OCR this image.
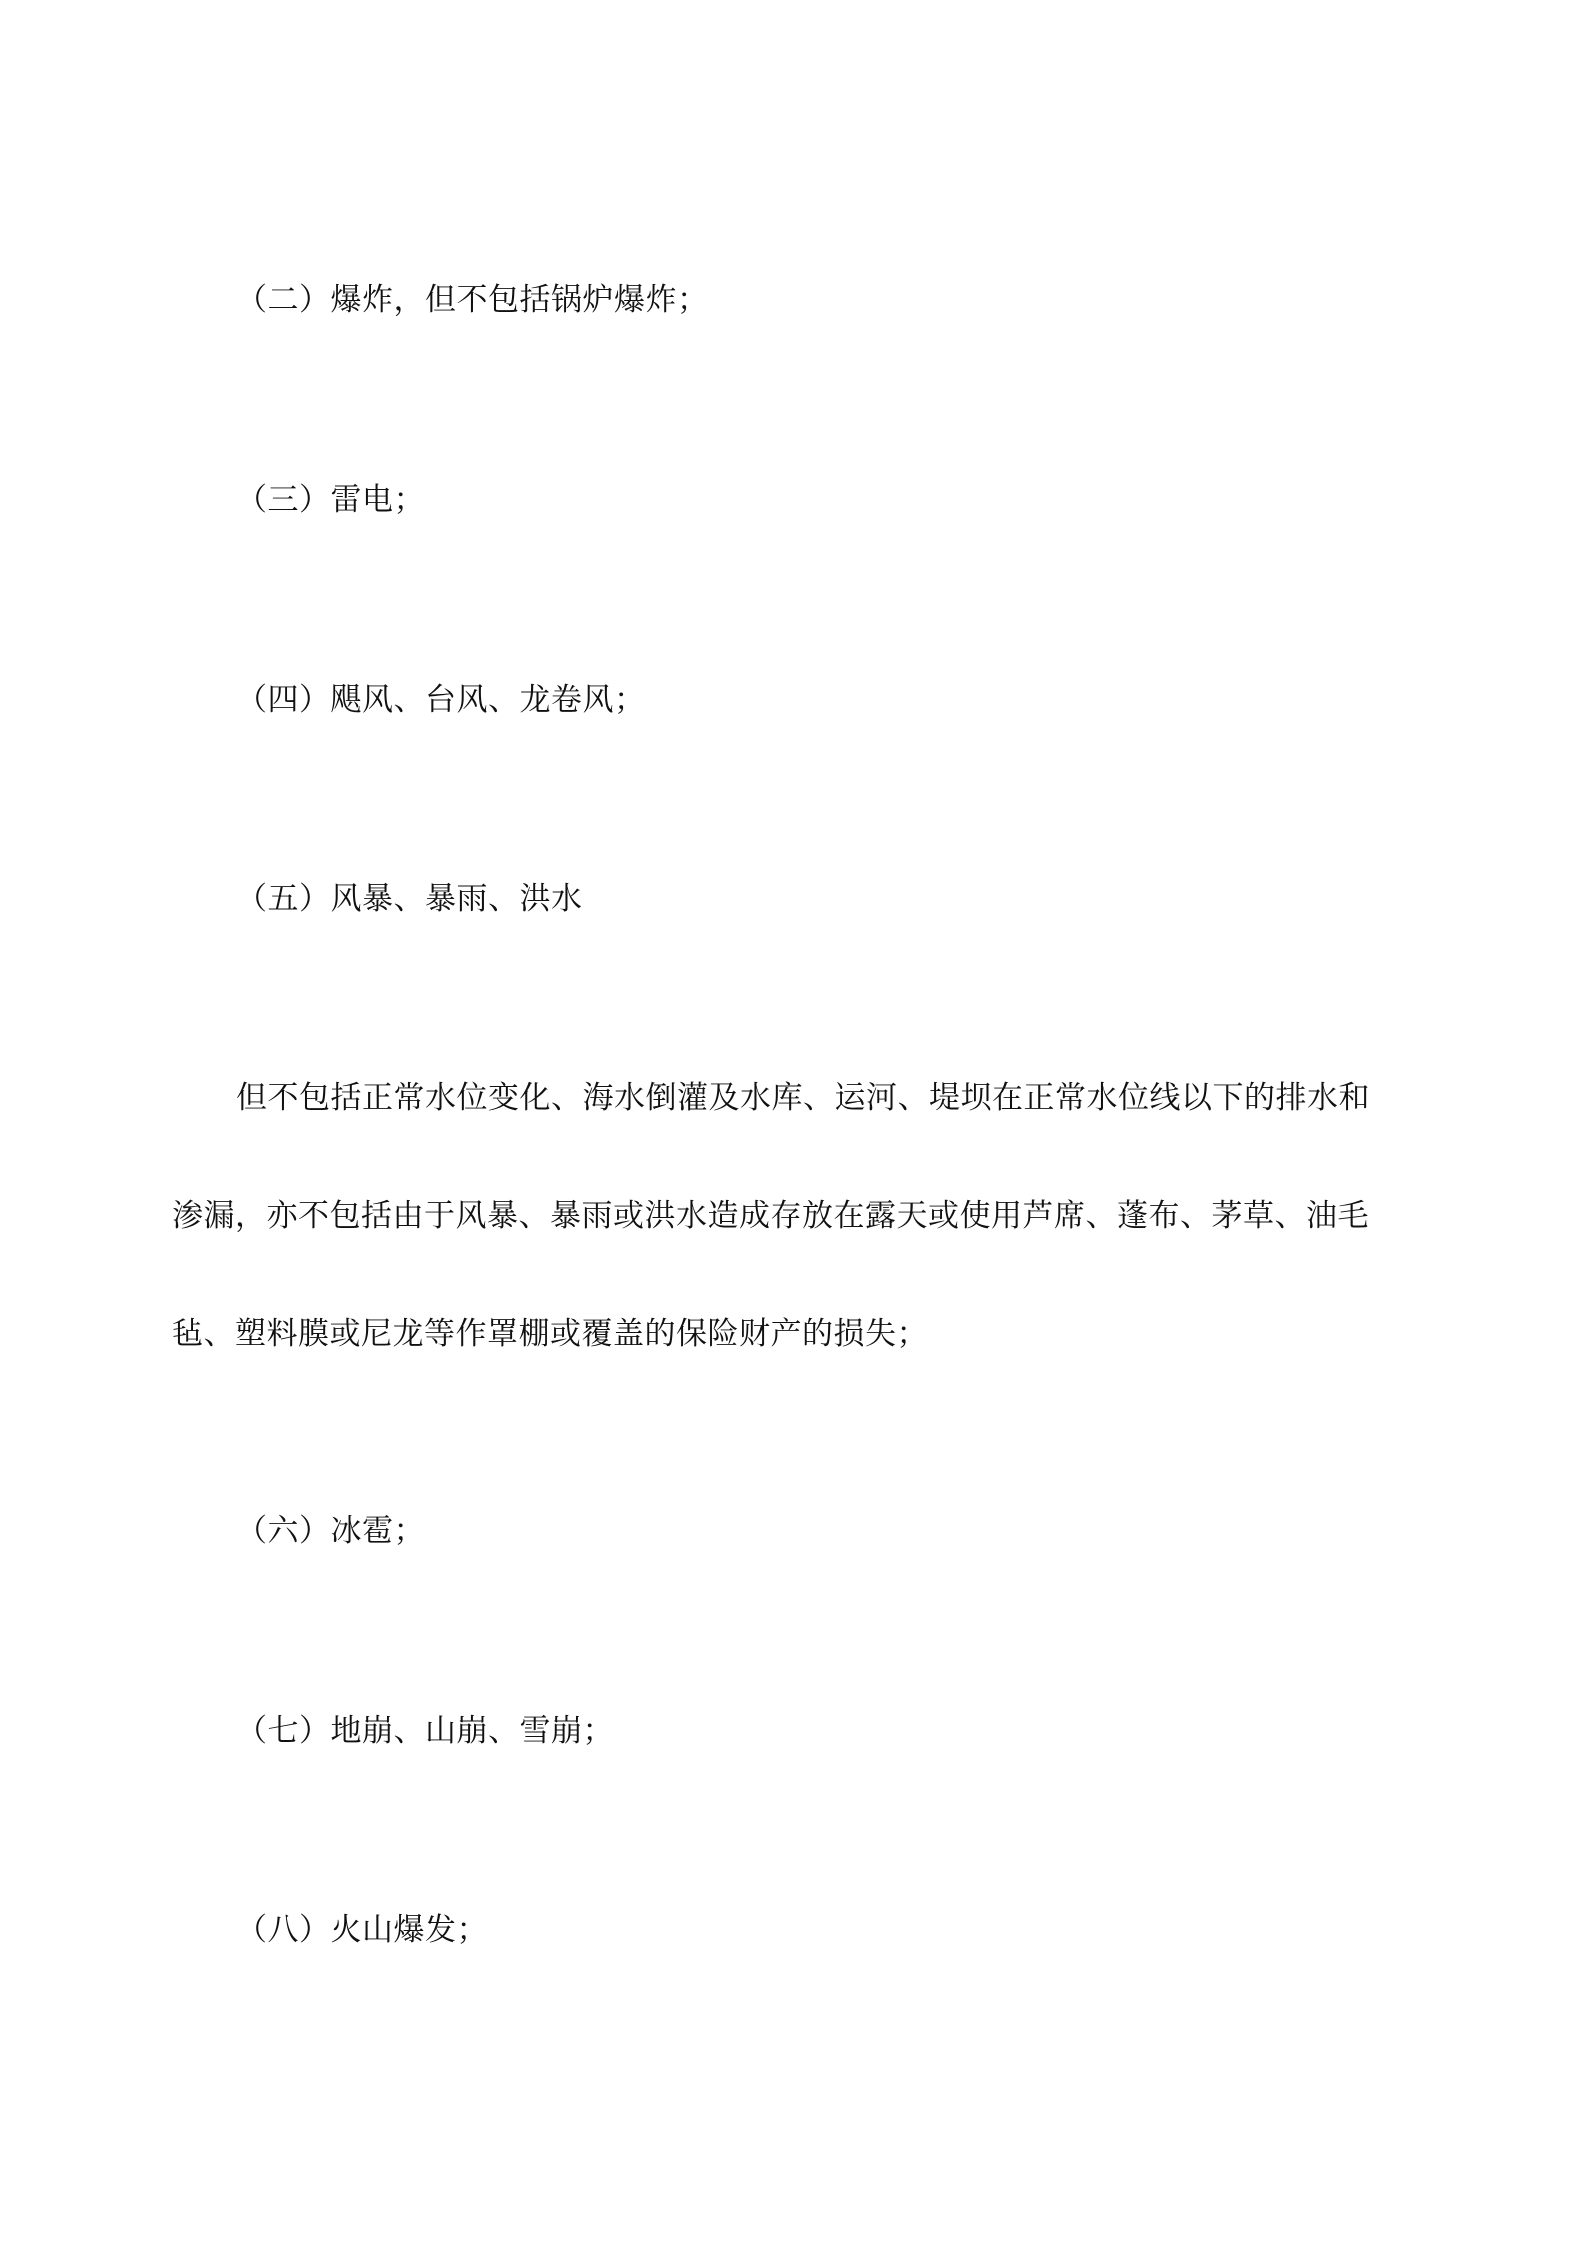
（二）爆炸，但不包括锅炉爆炸；
（三）雷电；
（四）飓风、台风、龙卷风；
（五）风暴、暴雨、洪水
但不包括正常水位变化、海水倒灌及水库、运河、堤坝在正常水位线以下的排水和
渗漏，亦不包括由于风暴、暴雨或洪水造成存放在露天或使用芦席、蓬布、茅草、油毛
毡、塑料膜或尼龙等作罩棚或覆盖的保险财产的损失；
（六）冰雹；
（七）地崩、山崩、雪崩；
（八）火山爆发；
